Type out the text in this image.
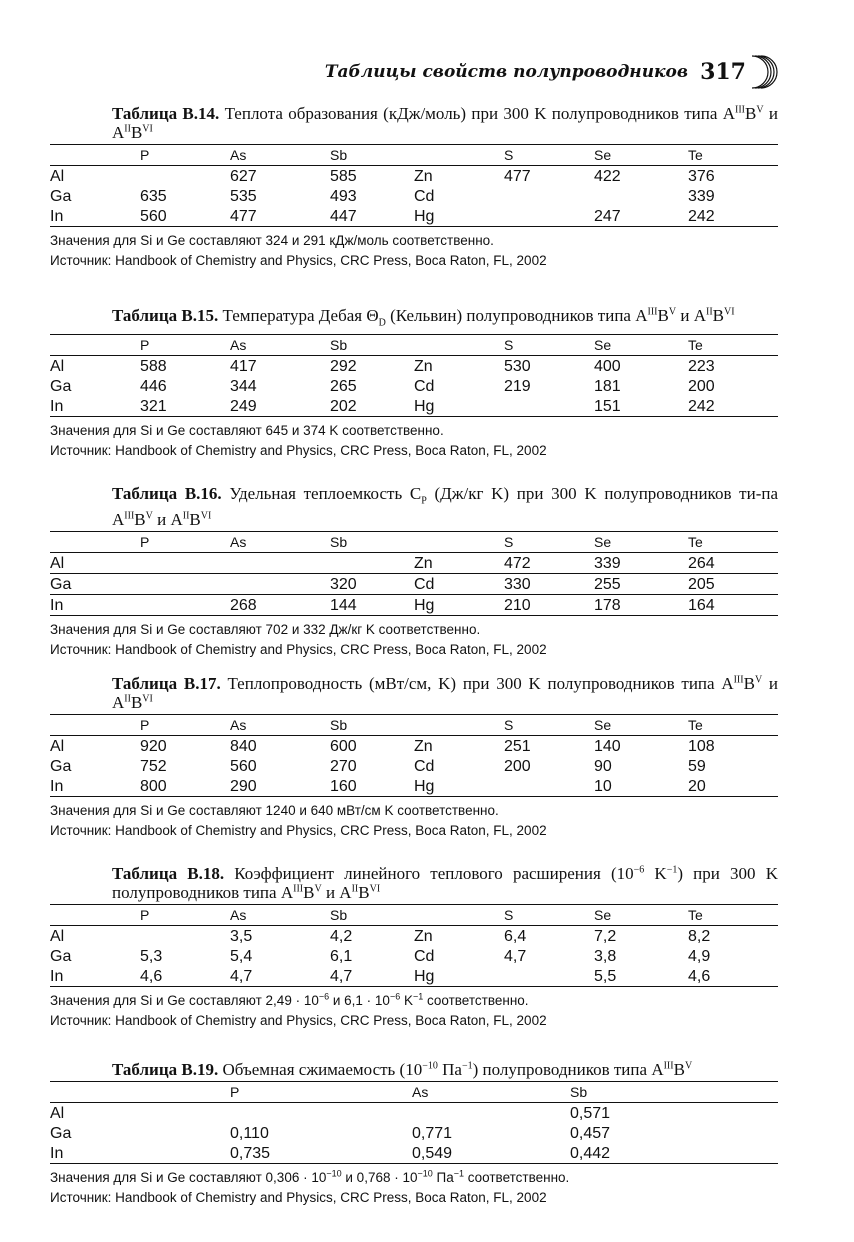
Таблицы свойств полупроводников 317
Таблица B.14. Теплота образования (кДж/моль) при 300 K полупроводников типа $A^{III}B^V$ и $A^{II}B^{VI}$
	P	As	Sb		S	Se	Te
Al		627	585	Zn	477	422	376
Ga	635	535	493	Cd			339
In	560	477	447	Hg		247	242
Значения для Si и Ge составляют 324 и 291 кДж/моль соответственно.
Источник: Handbook of Chemistry and Physics, CRC Press, Boca Raton, FL, 2002
Таблица B.15. Температура Дебая $\Theta_D$ (Кельвин) полупроводников типа $A^{III}B^V$ и $A^{II}B^{VI}$
	P	As	Sb		S	Se	Te
Al	588	417	292	Zn	530	400	223
Ga	446	344	265	Cd	219	181	200
In	321	249	202	Hg		151	242
Значения для Si и Ge составляют 645 и 374 K соответственно.
Источник: Handbook of Chemistry and Physics, CRC Press, Boca Raton, FL, 2002
Таблица B.16. Удельная теплоемкость $C_P$ (Дж/кг K) при 300 K полупроводников ти-па $A^{III}B^V$ и $A^{II}B^{VI}$
	P	As	Sb		S	Se	Te
Al				Zn	472	339	264
Ga			320	Cd	330	255	205
In		268	144	Hg	210	178	164
Значения для Si и Ge составляют 702 и 332 Дж/кг K соответственно.
Источник: Handbook of Chemistry and Physics, CRC Press, Boca Raton, FL, 2002
Таблица B.17. Теплопроводность (мВт/см, K) при 300 K полупроводников типа $A^{III}B^V$ и $A^{II}B^{VI}$
	P	As	Sb		S	Se	Te
Al	920	840	600	Zn	251	140	108
Ga	752	560	270	Cd	200	90	59
In	800	290	160	Hg		10	20
Значения для Si и Ge составляют 1240 и 640 мВт/см K соответственно.
Источник: Handbook of Chemistry and Physics, CRC Press, Boca Raton, FL, 2002
Таблица B.18. Коэффициент линейного теплового расширения ($10^{-6}$ $K^{-1}$) при 300 K полупроводников типа $A^{III}B^V$ и $A^{II}B^{VI}$
	P	As	Sb		S	Se	Te
Al		3,5	4,2	Zn	6,4	7,2	8,2
Ga	5,3	5,4	6,1	Cd	4,7	3,8	4,9
In	4,6	4,7	4,7	Hg		5,5	4,6
Значения для Si и Ge составляют $2,49 \cdot 10^{-6}$ и $6,1 \cdot 10^{-6}$ $K^{-1}$ соответственно.
Источник: Handbook of Chemistry and Physics, CRC Press, Boca Raton, FL, 2002
Таблица B.19. Объемная сжимаемость ($10^{-10}$ $Па^{-1}$) полупроводников типа $A^{III}B^V$
	P	As	Sb
Al			0,571
Ga	0,110	0,771	0,457
In	0,735	0,549	0,442
Значения для Si и Ge составляют $0,306 \cdot 10^{-10}$ и $0,768 \cdot 10^{-10}$ $Па^{-1}$ соответственно.
Источник: Handbook of Chemistry and Physics, CRC Press, Boca Raton, FL, 2002
